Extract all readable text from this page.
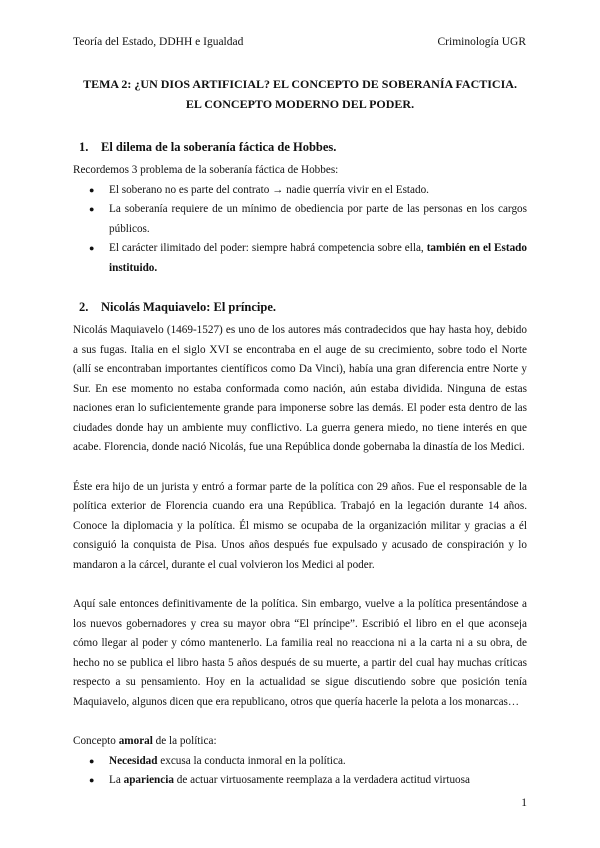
Teoría del Estado, DDHH e Igualdad	Criminología UGR
TEMA 2: ¿UN DIOS ARTIFICIAL? EL CONCEPTO DE SOBERANÍA FACTICIA.
EL CONCEPTO MODERNO DEL PODER.
1.	El dilema de la soberanía fáctica de Hobbes.

Recordemos 3 problema de la soberanía fáctica de Hobbes:

● El soberano no es parte del contrato → nadie querría vivir en el Estado.
● La soberanía requiere de un mínimo de obediencia por parte de las personas en los cargos públicos.
● El carácter ilimitado del poder: siempre habrá competencia sobre ella, también en el Estado instituido.
2.	Nicolás Maquiavelo: El príncipe.

Nicolás Maquiavelo (1469-1527) es uno de los autores más contradecidos que hay hasta hoy, debido a sus fugas. Italia en el siglo XVI se encontraba en el auge de su crecimiento, sobre todo el Norte (allí se encontraban importantes científicos como Da Vinci), había una gran diferencia entre Norte y Sur. En ese momento no estaba conformada como nación, aún estaba dividida. Ninguna de estas naciones eran lo suficientemente grande para imponerse sobre las demás. El poder esta dentro de las ciudades donde hay un ambiente muy conflictivo. La guerra genera miedo, no tiene interés en que acabe. Florencia, donde nació Nicolás, fue una República donde gobernaba la dinastía de los Medici.

Éste era hijo de un jurista y entró a formar parte de la política con 29 años. Fue el responsable de la política exterior de Florencia cuando era una República. Trabajó en la legación durante 14 años. Conoce la diplomacia y la política. Él mismo se ocupaba de la organización militar y gracias a él consiguió la conquista de Pisa. Unos años después fue expulsado y acusado de conspiración y lo mandaron a la cárcel, durante el cual volvieron los Medici al poder.

Aquí sale entonces definitivamente de la política. Sin embargo, vuelve a la política presentándose a los nuevos gobernadores y crea su mayor obra “El príncipe”. Escribió el libro en el que aconseja cómo llegar al poder y cómo mantenerlo. La familia real no reacciona ni a la carta ni a su obra, de hecho no se publica el libro hasta 5 años después de su muerte, a partir del cual hay muchas críticas respecto a su pensamiento. Hoy en la actualidad se sigue discutiendo sobre que posición tenía Maquiavelo, algunos dicen que era republicano, otros que quería hacerle la pelota a los monarcas…

Concepto amoral de la política:

● Necesidad excusa la conducta inmoral en la política.
● La apariencia de actuar virtuosamente reemplaza a la verdadera actitud virtuosa
1
